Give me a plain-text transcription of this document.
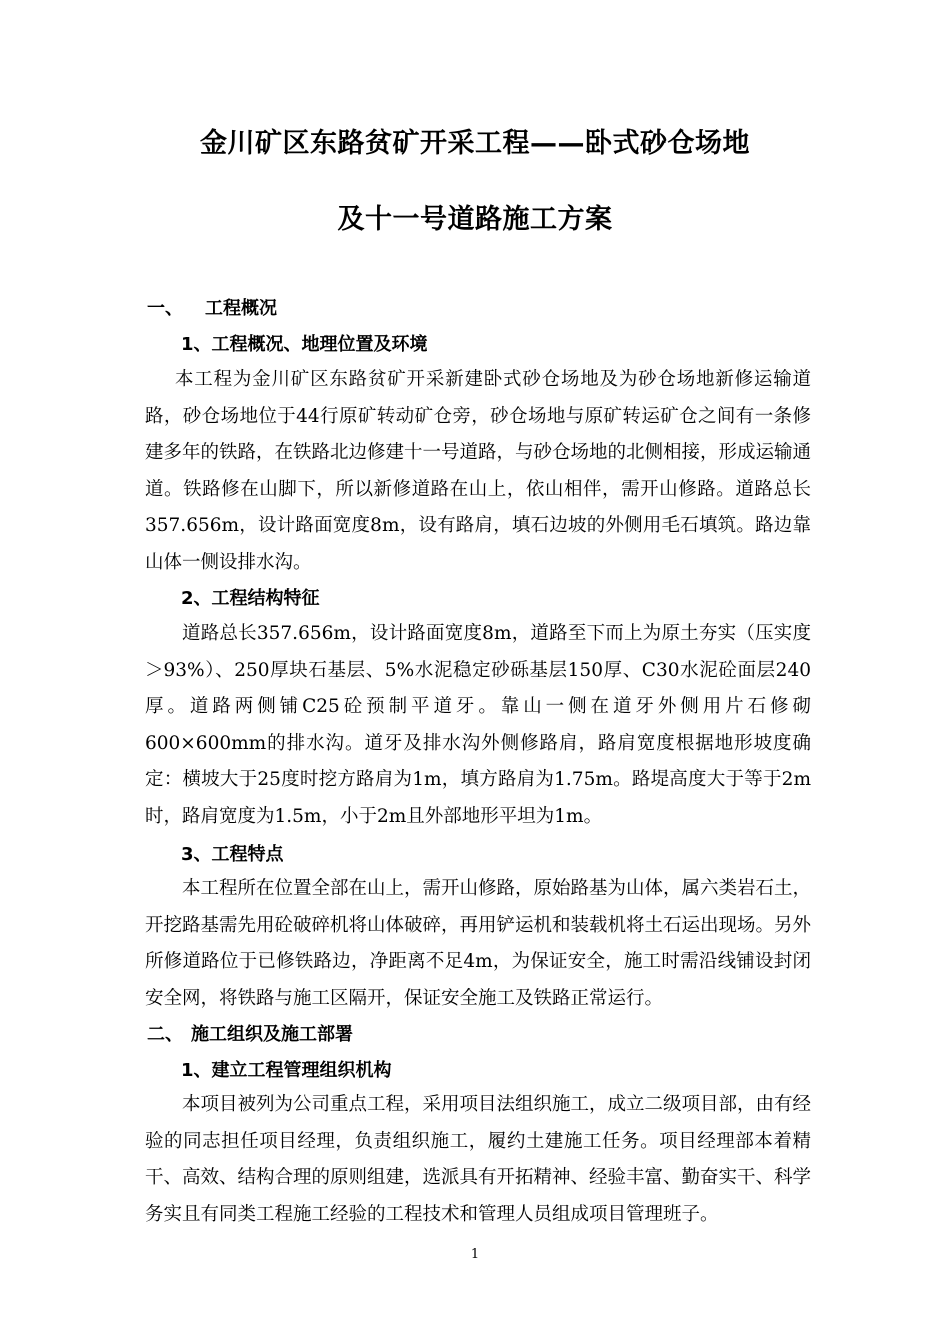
金川矿区东路贫矿开采工程——卧式砂仓场地
及十一号道路施工方案
一、 工程概况
1、工程概况、地理位置及环境

本工程为金川矿区东路贫矿开采新建卧式砂仓场地及为砂仓场地新修运输道路，砂仓场地位于44行原矿转动矿仓旁，砂仓场地与原矿转运矿仓之间有一条修建多年的铁路，在铁路北边修建十一号道路，与砂仓场地的北侧相接，形成运输通道。铁路修在山脚下，所以新修道路在山上，依山相伴，需开山修路。道路总长357.656m，设计路面宽度8m，设有路肩，填石边坡的外侧用毛石填筑。路边靠山体一侧设排水沟。

2、工程结构特征

道路总长357.656m，设计路面宽度8m，道路至下而上为原土夯实（压实度＞93%）、250厚块石基层、5%水泥稳定砂砾基层150厚、C30水泥砼面层240厚。道路两侧铺C25砼预制平道牙。靠山一侧在道牙外侧用片石修砌600×600mm的排水沟。道牙及排水沟外侧修路肩，路肩宽度根据地形坡度确定：横坡大于25度时挖方路肩为1m，填方路肩为1.75m。路堤高度大于等于2m时，路肩宽度为1.5m，小于2m且外部地形平坦为1m。

3、工程特点

本工程所在位置全部在山上，需开山修路，原始路基为山体，属六类岩石土，开挖路基需先用砼破碎机将山体破碎，再用铲运机和装载机将土石运出现场。另外所修道路位于已修铁路边，净距离不足4m，为保证安全，施工时需沿线铺设封闭安全网，将铁路与施工区隔开，保证安全施工及铁路正常运行。

二、 施工组织及施工部署
1、建立工程管理组织机构

本项目被列为公司重点工程，采用项目法组织施工，成立二级项目部，由有经验的同志担任项目经理，负责组织施工，履约土建施工任务。项目经理部本着精干、高效、结构合理的原则组建，选派具有开拓精神、经验丰富、勤奋实干、科学务实且有同类工程施工经验的工程技术和管理人员组成项目管理班子。

1
